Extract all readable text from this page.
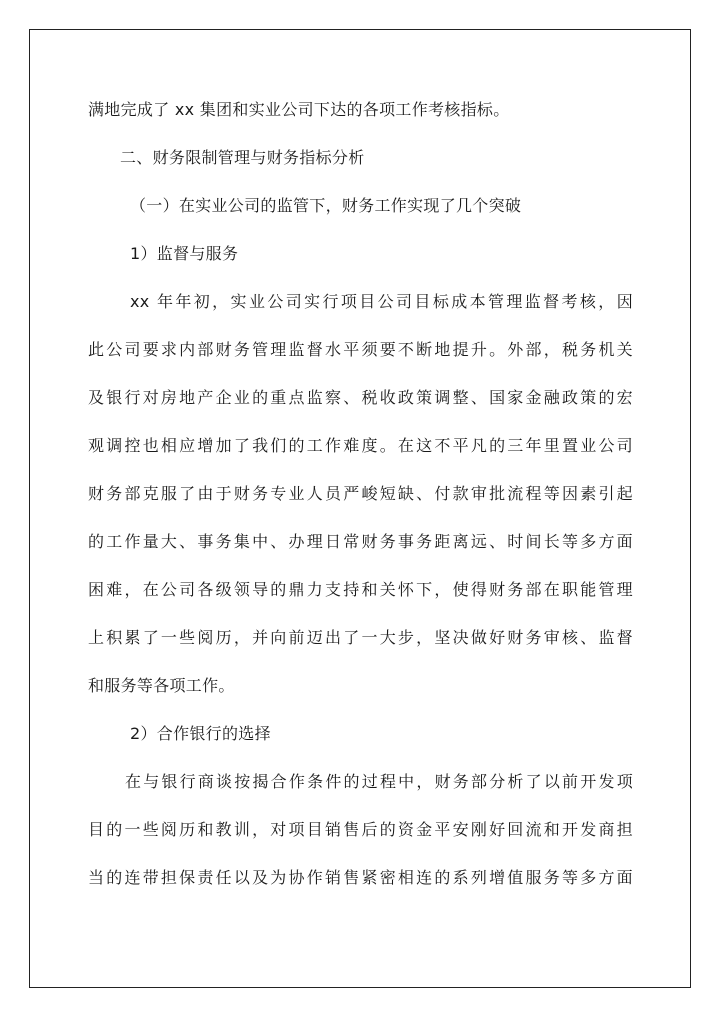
满地完成了 xx 集团和实业公司下达的各项工作考核指标。
二、财务限制管理与财务指标分析
（一）在实业公司的监管下，财务工作实现了几个突破
1）监督与服务
xx 年年初，实业公司实行项目公司目标成本管理监督考核，因
此公司要求内部财务管理监督水平须要不断地提升。外部，税务机关
及银行对房地产企业的重点监察、税收政策调整、国家金融政策的宏
观调控也相应增加了我们的工作难度。在这不平凡的三年里置业公司
财务部克服了由于财务专业人员严峻短缺、付款审批流程等因素引起
的工作量大、事务集中、办理日常财务事务距离远、时间长等多方面
困难，在公司各级领导的鼎力支持和关怀下，使得财务部在职能管理
上积累了一些阅历，并向前迈出了一大步，坚决做好财务审核、监督
和服务等各项工作。
2）合作银行的选择
在与银行商谈按揭合作条件的过程中，财务部分析了以前开发项
目的一些阅历和教训，对项目销售后的资金平安刚好回流和开发商担
当的连带担保责任以及为协作销售紧密相连的系列增值服务等多方面
